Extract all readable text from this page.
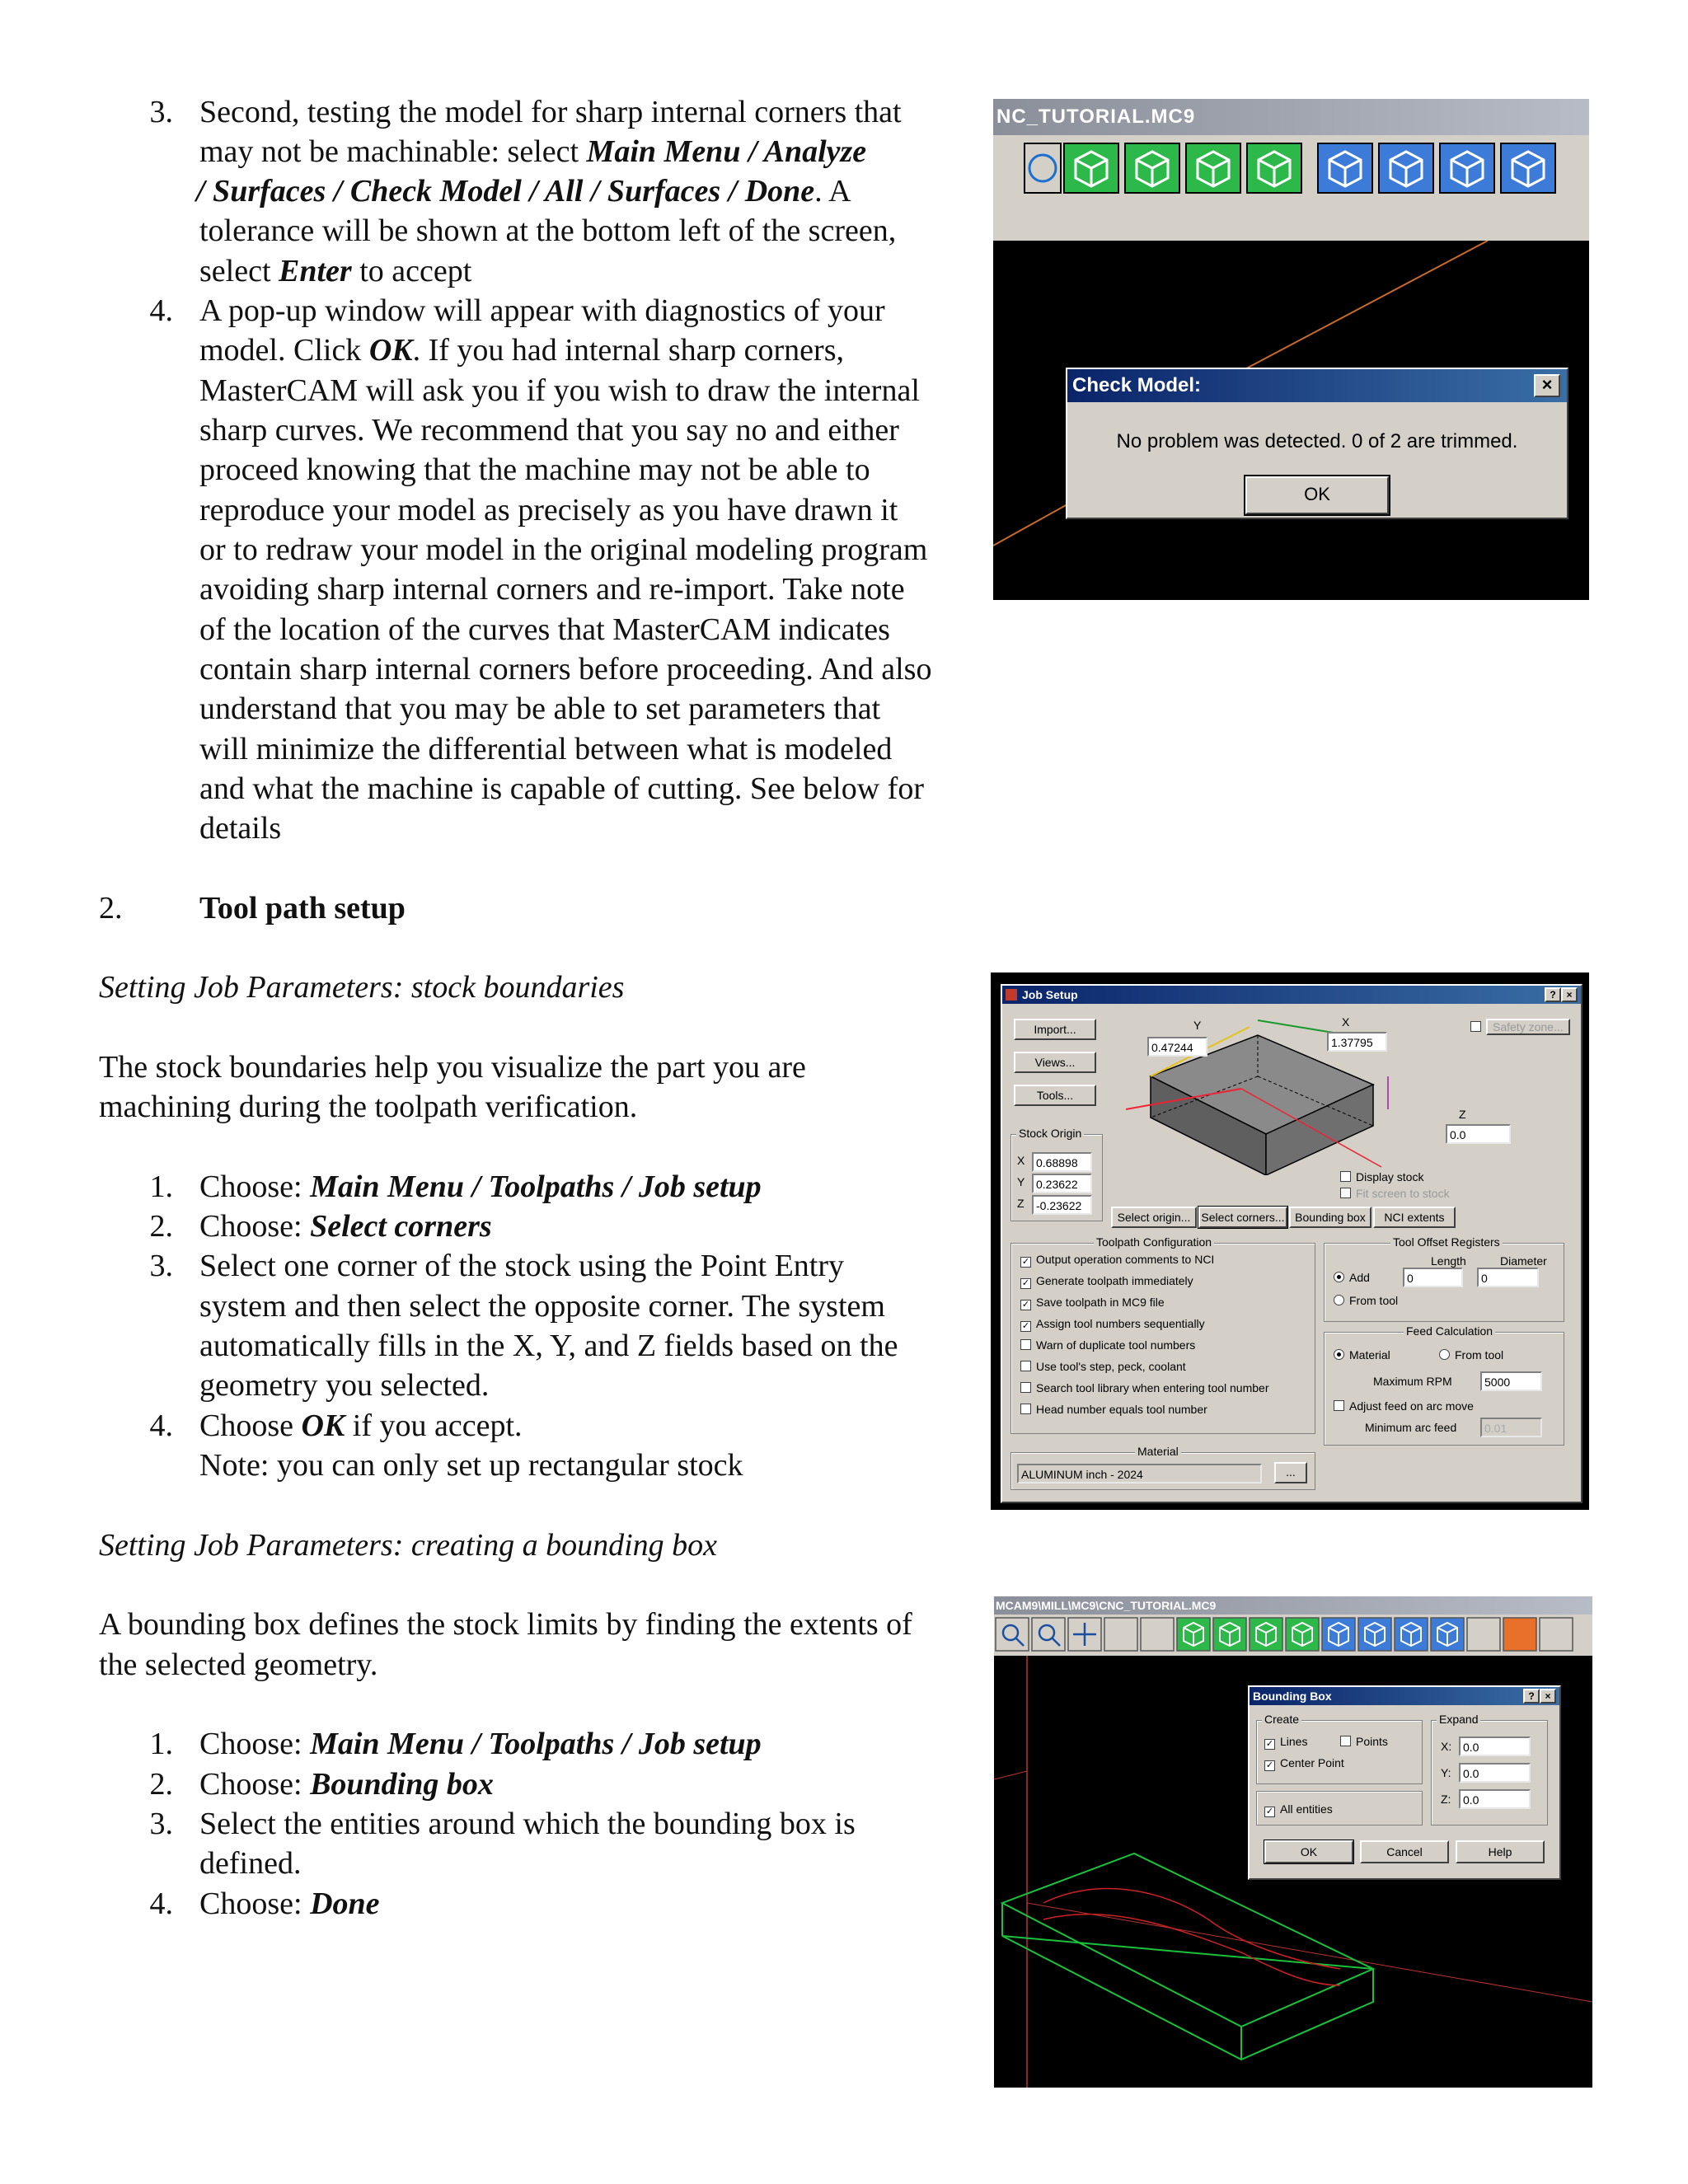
3. Second, testing the model for sharp internal corners that
may not be machinable: select Main Menu / Analyze
/ Surfaces / Check Model / All / Surfaces / Done. A
tolerance will be shown at the bottom left of the screen,
select Enter to accept
4. A pop-up window will appear with diagnostics of your
model. Click OK. If you had internal sharp corners,
MasterCAM will ask you if you wish to draw the internal
sharp curves. We recommend that you say no and either
proceed knowing that the machine may not be able to
reproduce your model as precisely as you have drawn it
or to redraw your model in the original modeling program
avoiding sharp internal corners and re-import. Take note
of the location of the curves that MasterCAM indicates
contain sharp internal corners before proceeding. And also
understand that you may be able to set parameters that
will minimize the differential between what is modeled
and what the machine is capable of cutting. See below for
details
2. Tool path setup
Setting Job Parameters: stock boundaries
The stock boundaries help you visualize the part you are
machining during the toolpath verification.
1. Choose: Main Menu / Toolpaths / Job setup
2. Choose: Select corners
3. Select one corner of the stock using the Point Entry
system and then select the opposite corner. The system
automatically fills in the X, Y, and Z fields based on the
geometry you selected.
4. Choose OK if you accept.
Note: you can only set up rectangular stock
Setting Job Parameters: creating a bounding box
A bounding box defines the stock limits by finding the extents of
the selected geometry.
1. Choose: Main Menu / Toolpaths / Job setup
2. Choose: Bounding box
3. Select the entities around which the bounding box is
defined.
4. Choose: Done
NC_TUTORIAL.MC9
Check Model:	×
No problem was detected. 0 of 2 are trimmed.
OK
Job Setup	?	×
Import...
Views...
Tools...
Y
0.47244
X
1.37795
Z
0.0
Safety zone...
Stock Origin
X 0.68898
Y 0.23622
Z	-0.23622
Display stock
Fit screen to stock
Select origin... Select corners... Bounding box	NCI extents
Toolpath Configuration
✓ Output operation comments to NCI
✓ Generate toolpath immediately
✓ Save toolpath in MC9 file
✓ Assign tool numbers sequentially
Warn of duplicate tool numbers
Use tool's step, peck, coolant
Search tool library when entering tool number
Head number equals tool number
Tool Offset Registers
Length	Diameter
Add	0	0
From tool
Feed Calculation
Material	From tool
Maximum RPM	5000
Adjust feed on arc move
Minimum arc feed	0.01
Material
ALUMINUM inch - 2024	...
MCAM9\MILL\MC9\CNC_TUTORIAL.MC9
Bounding Box	?	×
Create
✓ Lines	Points
✓ Center Point
✓ All entities
Expand
X: 0.0
Y:	0.0
Z:	0.0
OK	Cancel	Help
